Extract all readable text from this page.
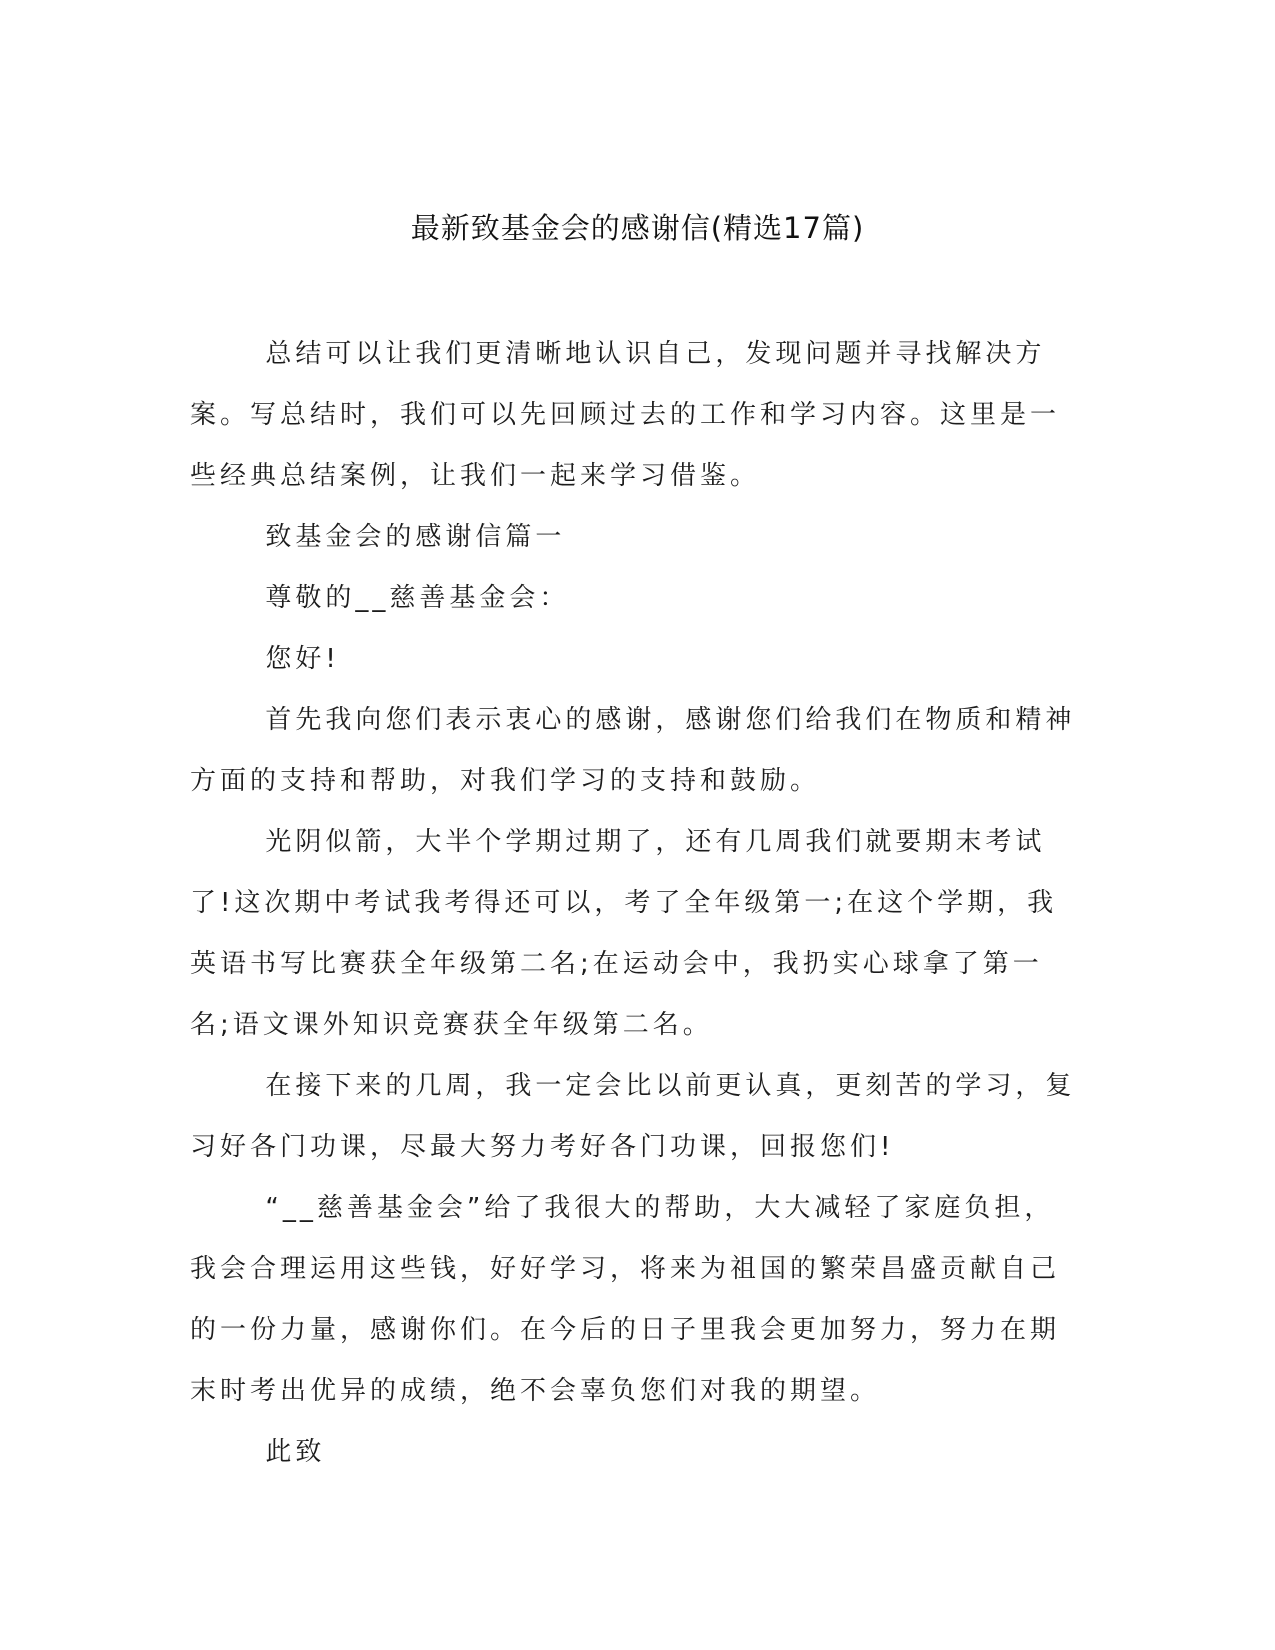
最新致基金会的感谢信(精选17篇)

总结可以让我们更清晰地认识自己，发现问题并寻找解决方案。写总结时，我们可以先回顾过去的工作和学习内容。这里是一些经典总结案例，让我们一起来学习借鉴。

致基金会的感谢信篇一

尊敬的__慈善基金会：

您好!

首先我向您们表示衷心的感谢，感谢您们给我们在物质和精神方面的支持和帮助，对我们学习的支持和鼓励。

光阴似箭，大半个学期过期了，还有几周我们就要期末考试了!这次期中考试我考得还可以，考了全年级第一;在这个学期，我英语书写比赛获全年级第二名;在运动会中，我扔实心球拿了第一名;语文课外知识竞赛获全年级第二名。

在接下来的几周，我一定会比以前更认真，更刻苦的学习，复习好各门功课，尽最大努力考好各门功课，回报您们!

“__慈善基金会”给了我很大的帮助，大大减轻了家庭负担，我会合理运用这些钱，好好学习，将来为祖国的繁荣昌盛贡献自己的一份力量，感谢你们。在今后的日子里我会更加努力，努力在期末时考出优异的成绩，绝不会辜负您们对我的期望。

此致
